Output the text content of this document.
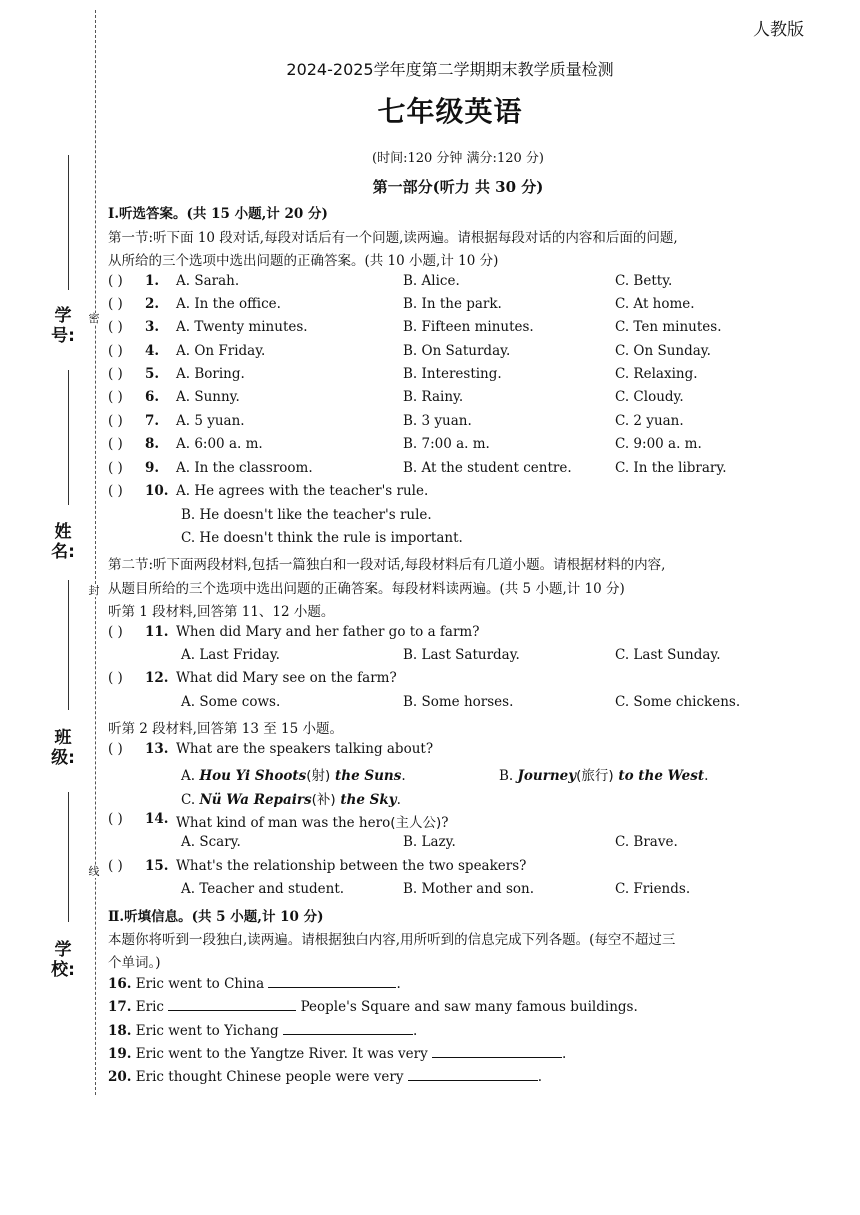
人教版
2024-2025学年度第二学期期末教学质量检测
七年级英语
(时间:120 分钟 满分:120 分)
第一部分(听力 共 30 分)
学号:
姓名:
班级:
学校:
密
封
线
Ⅰ.听选答案。(共 15 小题,计 20 分)
第一节:听下面 10 段对话,每段对话后有一个问题,读两遍。请根据每段对话的内容和后面的问题,
从所给的三个选项中选出问题的正确答案。(共 10 小题,计 10 分)
( ) 1. A. Sarah.	B. Alice.	C. Betty.
( ) 2. A. In the office.	B. In the park.	C. At home.
( ) 3. A. Twenty minutes.	B. Fifteen minutes.	C. Ten minutes.
( ) 4. A. On Friday.	B. On Saturday.	C. On Sunday.
( ) 5. A. Boring.	B. Interesting.	C. Relaxing.
( ) 6. A. Sunny.	B. Rainy.	C. Cloudy.
( ) 7. A. 5 yuan.	B. 3 yuan.	C. 2 yuan.
( ) 8. A. 6:00 a. m.	B. 7:00 a. m.	C. 9:00 a. m.
( ) 9. A. In the classroom.	B. At the student centre.	C. In the library.
( ) 10. A. He agrees with the teacher's rule.
B. He doesn't like the teacher's rule.
C. He doesn't think the rule is important.
第二节:听下面两段材料,包括一篇独白和一段对话,每段材料后有几道小题。请根据材料的内容,
从题目所给的三个选项中选出问题的正确答案。每段材料读两遍。(共 5 小题,计 10 分)
听第 1 段材料,回答第 11、12 小题。
( ) 11. When did Mary and her father go to a farm?
A. Last Friday.	B. Last Saturday.	C. Last Sunday.
( ) 12. What did Mary see on the farm?
A. Some cows.	B. Some horses.	C. Some chickens.
听第 2 段材料,回答第 13 至 15 小题。
( ) 13. What are the speakers talking about?
A. Hou Yi Shoots(射) the Suns.	B. Journey(旅行) to the West.
C. Nü Wa Repairs(补) the Sky.
( ) 14. What kind of man was the hero(主人公)?
A. Scary.	B. Lazy.	C. Brave.
( ) 15. What's the relationship between the two speakers?
A. Teacher and student.	B. Mother and son.	C. Friends.
Ⅱ.听填信息。(共 5 小题,计 10 分)
本题你将听到一段独白,读两遍。请根据独白内容,用所听到的信息完成下列各题。(每空不超过三
个单词。)
16. Eric went to China	.
17. Eric	People's Square and saw many famous buildings.
18. Eric went to Yichang	.
19. Eric went to the Yangtze River. It was very	.
20. Eric thought Chinese people were very	.
